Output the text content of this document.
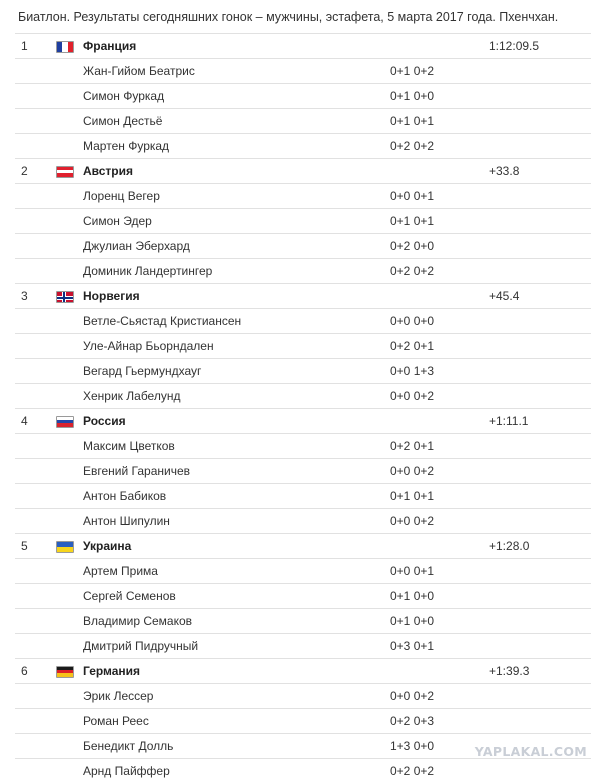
Биатлон. Результаты сегодняшних гонок – мужчины, эстафета, 5 марта 2017 года. Пхенчхан.
1		Франция		1:12:09.5
		Жан-Гийом Беатрис	0+1 0+2	
		Симон Фуркад	0+1 0+0	
		Симон Дестьё	0+1 0+1	
		Мартен Фуркад	0+2 0+2	
2		Австрия		+33.8
		Лоренц Вегер	0+0 0+1	
		Симон Эдер	0+1 0+1	
		Джулиан Эберхард	0+2 0+0	
		Доминик Ландертингер	0+2 0+2	
3		Норвегия		+45.4
		Ветле-Сьястад Кристиансен	0+0 0+0	
		Уле-Айнар Бьорндален	0+2 0+1	
		Вегард Гьермундхауг	0+0 1+3	
		Хенрик Лабелунд	0+0 0+2	
4		Россия		+1:11.1
		Максим Цветков	0+2 0+1	
		Евгений Гараничев	0+0 0+2	
		Антон Бабиков	0+1 0+1	
		Антон Шипулин	0+0 0+2	
5		Украина		+1:28.0
		Артем Прима	0+0 0+1	
		Сергей Семенов	0+1 0+0	
		Владимир Семаков	0+1 0+0	
		Дмитрий Пидручный	0+3 0+1	
6		Германия		+1:39.3
		Эрик Лессер	0+0 0+2	
		Роман Реес	0+2 0+3	
		Бенедикт Долль	1+3 0+0	
		Арнд Пайффер	0+2 0+2	
YAPLAKAL.COM
